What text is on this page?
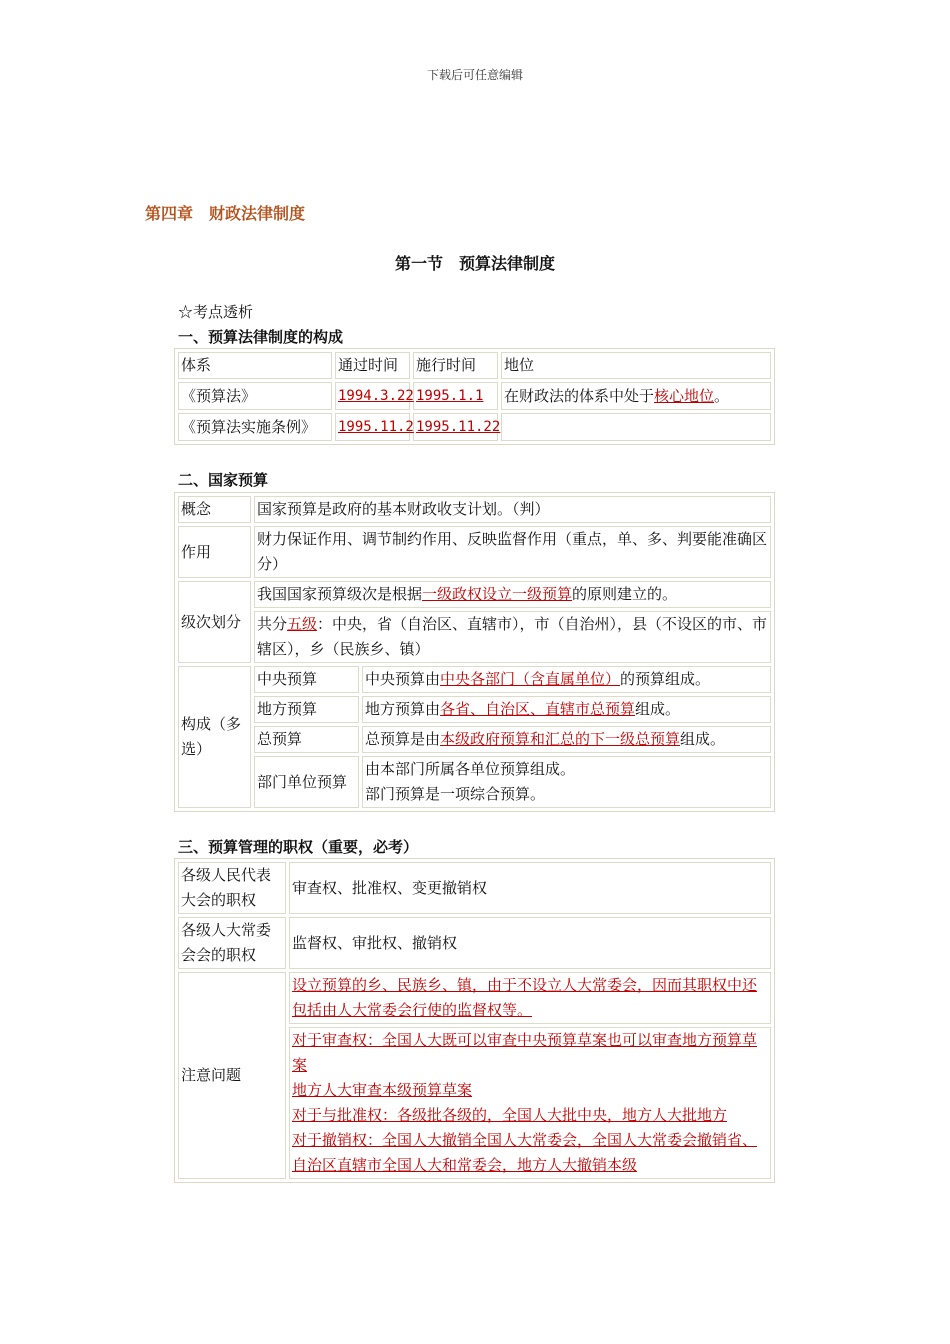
下载后可任意编辑
第四章　财政法律制度
第一节　预算法律制度
☆考点透析
一、预算法律制度的构成
体系	通过时间	施行时间	地位
《预算法》	1994.3.22	1995.1.1	在财政法的体系中处于核心地位。
《预算法实施条例》	1995.11.2	1995.11.22	
二、国家预算
概念	国家预算是政府的基本财政收支计划。（判）	
作用	财力保证作用、调节制约作用、反映监督作用（重点，单、多、判要能准确区分）	
级次划分	我国国家预算级次是根据一级政权设立一级预算的原则建立的。	
	共分五级：中央，省（自治区、直辖市），市（自治州），县（不设区的市、市辖区），乡（民族乡、镇）	
构成（多选）	中央预算	中央预算由中央各部门（含直属单位）的预算组成。
	地方预算	地方预算由各省、自治区、直辖市总预算组成。
	总预算	总预算是由本级政府预算和汇总的下一级总预算组成。
	部门单位预算	由本部门所属各单位预算组成。
部门预算是一项综合预算。
三、预算管理的职权（重要，必考）
各级人民代表大会的职权	审查权、批准权、变更撤销权
各级人大常委会会的职权	监督权、审批权、撤销权
注意问题	设立预算的乡、民族乡、镇，由于不设立人大常委会，因而其职权中还包括由人大常委会行使的监督权等。

	对于审查权：全国人大既可以审查中央预算草案也可以审查地方预算草案
地方人大审查本级预算草案
对于与批准权：各级批各级的，全国人大批中央，地方人大批地方
对于撤销权：全国人大撤销全国人大常委会，全国人大常委会撤销省、自治区直辖市全国人大和常委会，地方人大撤销本级
